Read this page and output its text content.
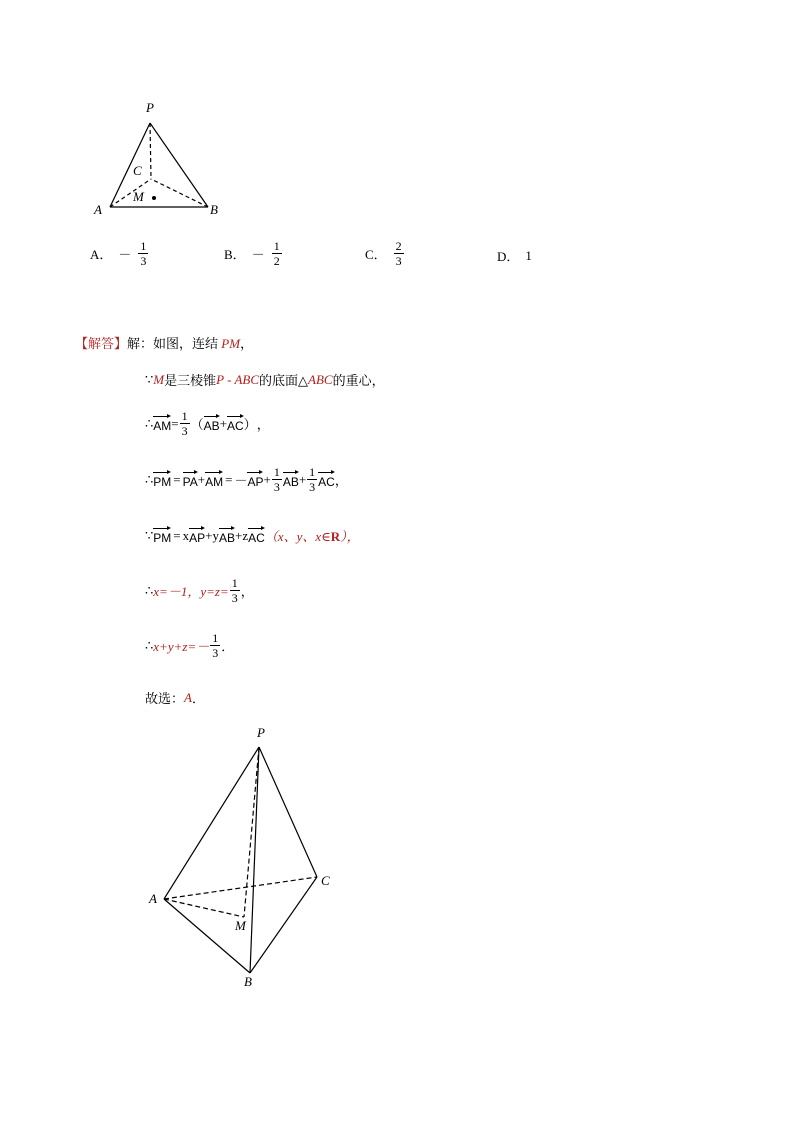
P
C
M
A	B
A． － $\frac{1}{3}$	B． － $\frac{1}{2}$	C． $\frac{2}{3}$	D． 1
【解答】解：如图，连结 PM，
∵ M 是三棱锥 P - ABC 的底面△ ABC 的重心，
∴ AM = $\frac{1}{3}$ （ AB + AC ） ，
∴ PM = PA + AM = － AP + $\frac{1}{3}$ AB + $\frac{1}{3}$ AC ，
∵ PM = x AP + y AB + z AC （x、y、x∈R），
∴ x=－1，$y=z= \frac{1}{3}$ ，
∴ $x+y+z=- \frac{1}{3}$ ．
故选： A ．
P
C
A
M
B
